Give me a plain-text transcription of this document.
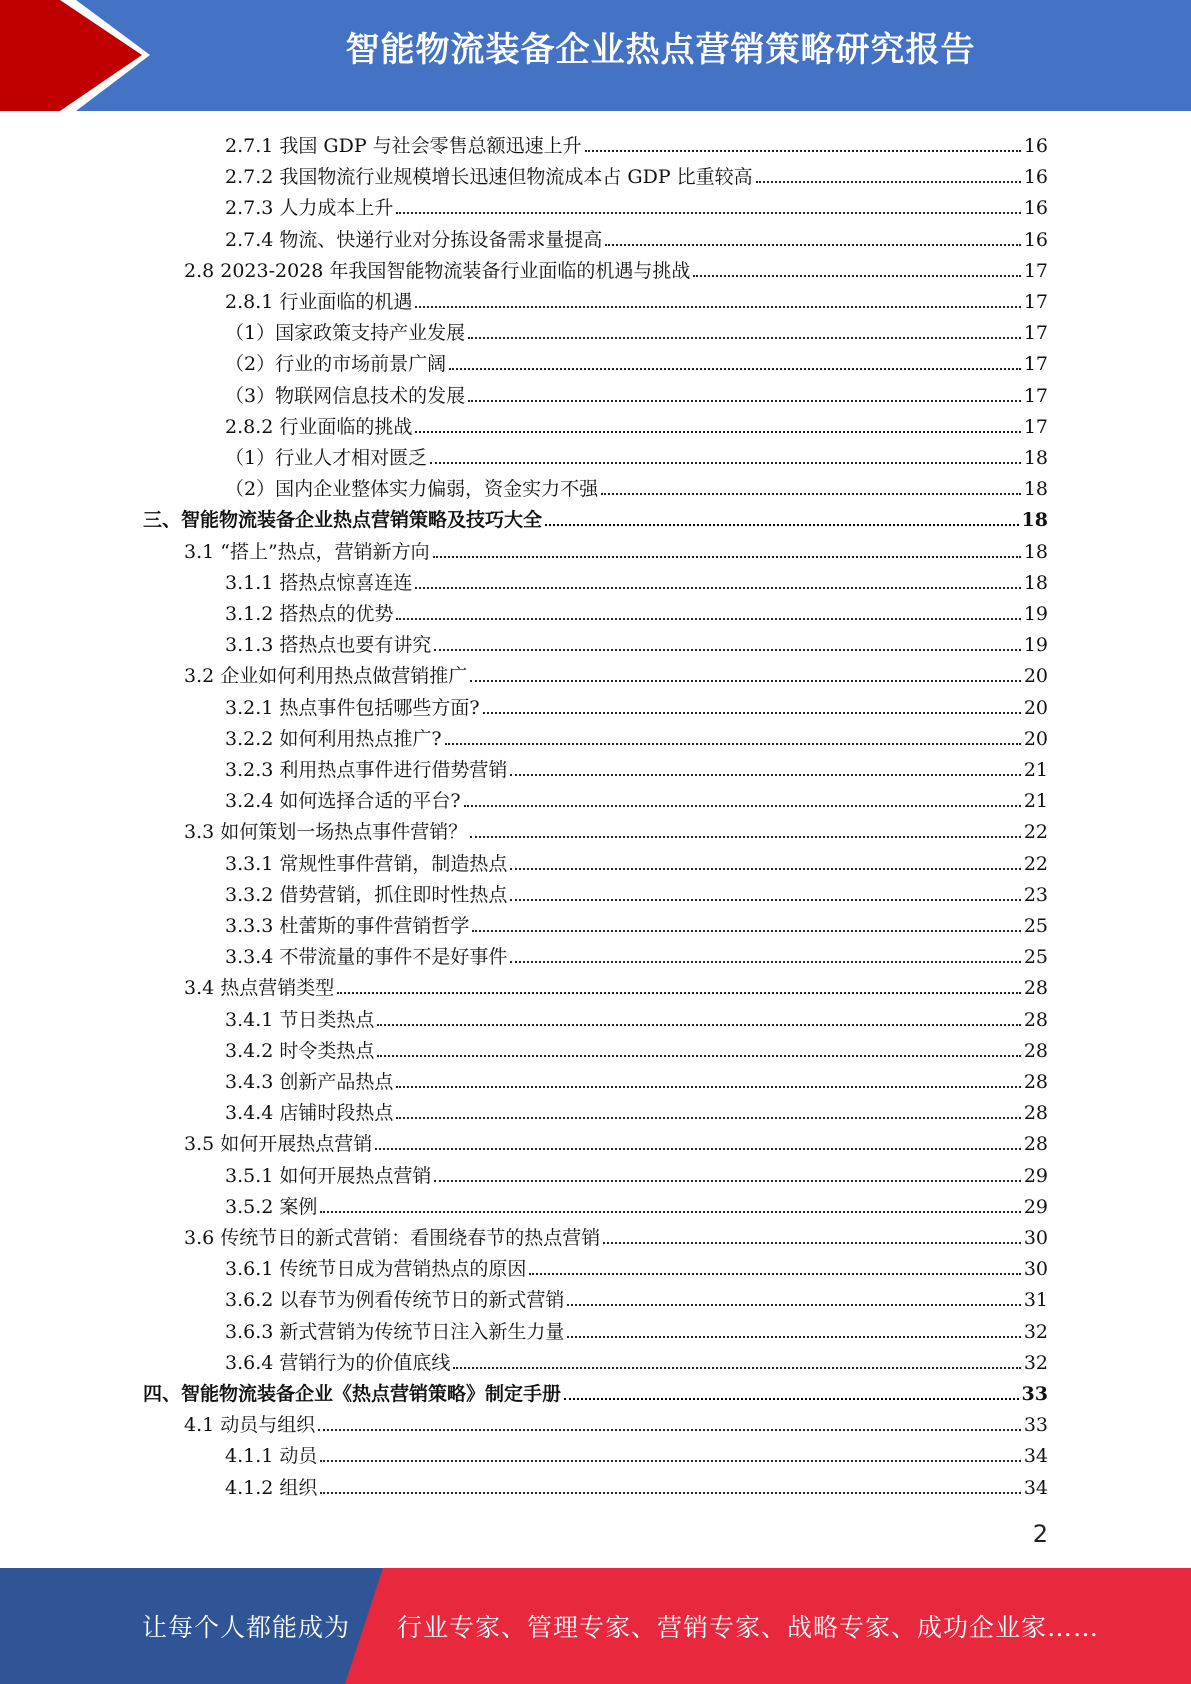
智能物流装备企业热点营销策略研究报告
2.7.1 我国 GDP 与社会零售总额迅速上升	16
2.7.2 我国物流行业规模增长迅速但物流成本占 GDP 比重较高	16
2.7.3 人力成本上升	16
2.7.4 物流、快递行业对分拣设备需求量提高	16
2.8 2023-2028 年我国智能物流装备行业面临的机遇与挑战	17
2.8.1 行业面临的机遇	17
（1）国家政策支持产业发展	17
（2）行业的市场前景广阔	17
（3）物联网信息技术的发展	17
2.8.2 行业面临的挑战	17
（1）行业人才相对匮乏	18
（2）国内企业整体实力偏弱，资金实力不强	18
三、智能物流装备企业热点营销策略及技巧大全	18
3.1 “搭上”热点，营销新方向	18
3.1.1 搭热点惊喜连连	18
3.1.2 搭热点的优势	19
3.1.3 搭热点也要有讲究	19
3.2 企业如何利用热点做营销推广	20
3.2.1 热点事件包括哪些方面?	20
3.2.2 如何利用热点推广?	20
3.2.3 利用热点事件进行借势营销	21
3.2.4 如何选择合适的平台?	21
3.3 如何策划一场热点事件营销？	22
3.3.1 常规性事件营销，制造热点	22
3.3.2 借势营销，抓住即时性热点	23
3.3.3 杜蕾斯的事件营销哲学	25
3.3.4 不带流量的事件不是好事件	25
3.4 热点营销类型	28
3.4.1 节日类热点	28
3.4.2 时令类热点	28
3.4.3 创新产品热点	28
3.4.4 店铺时段热点	28
3.5 如何开展热点营销	28
3.5.1 如何开展热点营销	29
3.5.2 案例	29
3.6 传统节日的新式营销：看围绕春节的热点营销	30
3.6.1 传统节日成为营销热点的原因	30
3.6.2 以春节为例看传统节日的新式营销	31
3.6.3 新式营销为传统节日注入新生力量	32
3.6.4 营销行为的价值底线	32
四、智能物流装备企业《热点营销策略》制定手册	33
4.1 动员与组织	33
4.1.1 动员	34
4.1.2 组织	34
2
让每个人都能成为 行业专家、管理专家、营销专家、战略专家、成功企业家……
